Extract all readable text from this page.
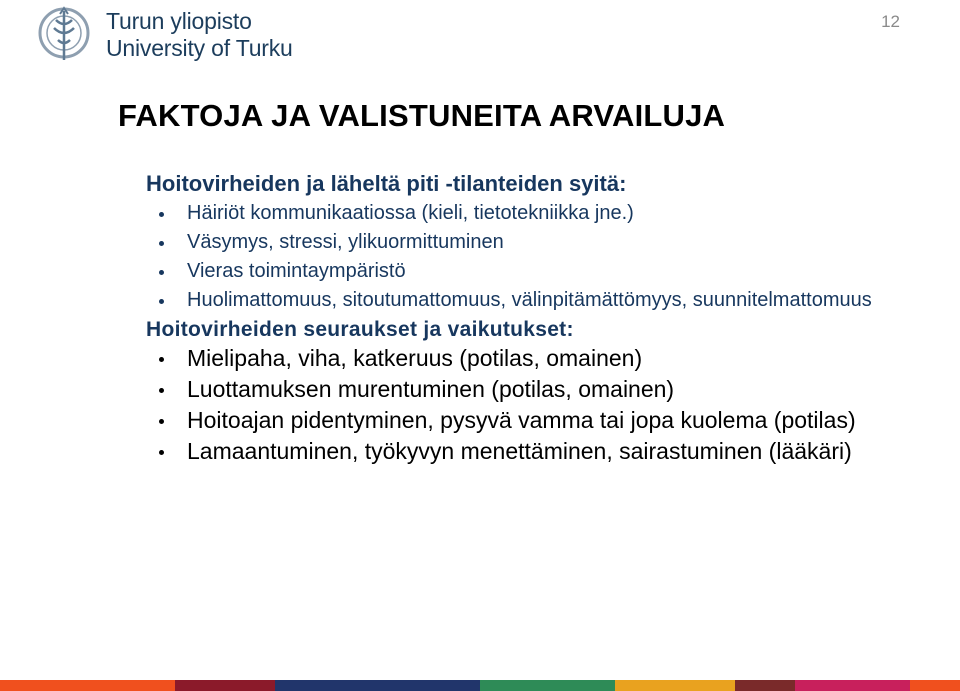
Turun yliopisto
University of Turku
12
FAKTOJA JA VALISTUNEITA ARVAILUJA
Hoitovirheiden ja läheltä piti -tilanteiden syitä:
Häiriöt kommunikaatiossa (kieli, tietotekniikka jne.)
Väsymys, stressi, ylikuormittuminen
Vieras toimintaympäristö
Huolimattomuus, sitoutumattomuus, välinpitämättömyys, suunnitelmattomuus
Hoitovirheiden seuraukset ja vaikutukset:
Mielipaha, viha, katkeruus (potilas, omainen)
Luottamuksen murentuminen (potilas, omainen)
Hoitoajan pidentyminen, pysyvä vamma tai jopa kuolema (potilas)
Lamaantuminen, työkyvyn menettäminen, sairastuminen (lääkäri)
